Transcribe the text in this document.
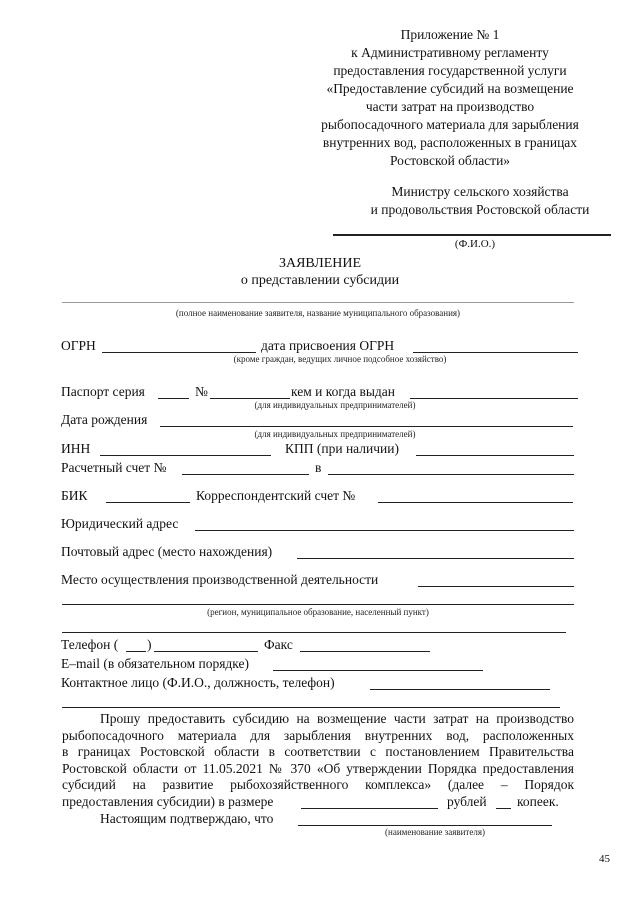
Приложение № 1
к Административному регламенту
предоставления государственной услуги
«Предоставление субсидий на возмещение
части затрат на производство
рыбопосадочного материала для зарыбления
внутренних вод, расположенных в границах
Ростовской области»
Министру сельского хозяйства
и продовольствия Ростовской области
(Ф.И.О.)
ЗАЯВЛЕНИЕ
о представлении субсидии
(полное наименование заявителя, название муниципального образования)
ОГРН	дата присвоения ОГРН
(кроме граждан, ведущих личное подсобное хозяйство)
Паспорт серия	№	кем и когда выдан
(для индивидуальных предпринимателей)
Дата рождения
(для индивидуальных предпринимателей)
ИНН	КПП (при наличии)
Расчетный счет №	в
БИК	Корреспондентский счет №
Юридический адрес
Почтовый адрес (место нахождения)
Место осуществления производственной деятельности
(регион, муниципальное образование, населенный пункт)
Телефон ( )	Факс
E–mail (в обязательном порядке)
Контактное лицо (Ф.И.О., должность, телефон)
Прошу предоставить субсидию на возмещение части затрат на производство
рыбопосадочного материала для зарыбления внутренних вод, расположенных
в границах Ростовской области в соответствии с постановлением Правительства
Ростовской области от 11.05.2021 № 370 «Об утверждении Порядка предоставления
субсидий на развитие рыбохозяйственного комплекса» (далее – Порядок
предоставления субсидии) в размере	рублей копеек.
Настоящим подтверждаю, что
(наименование заявителя)
45
